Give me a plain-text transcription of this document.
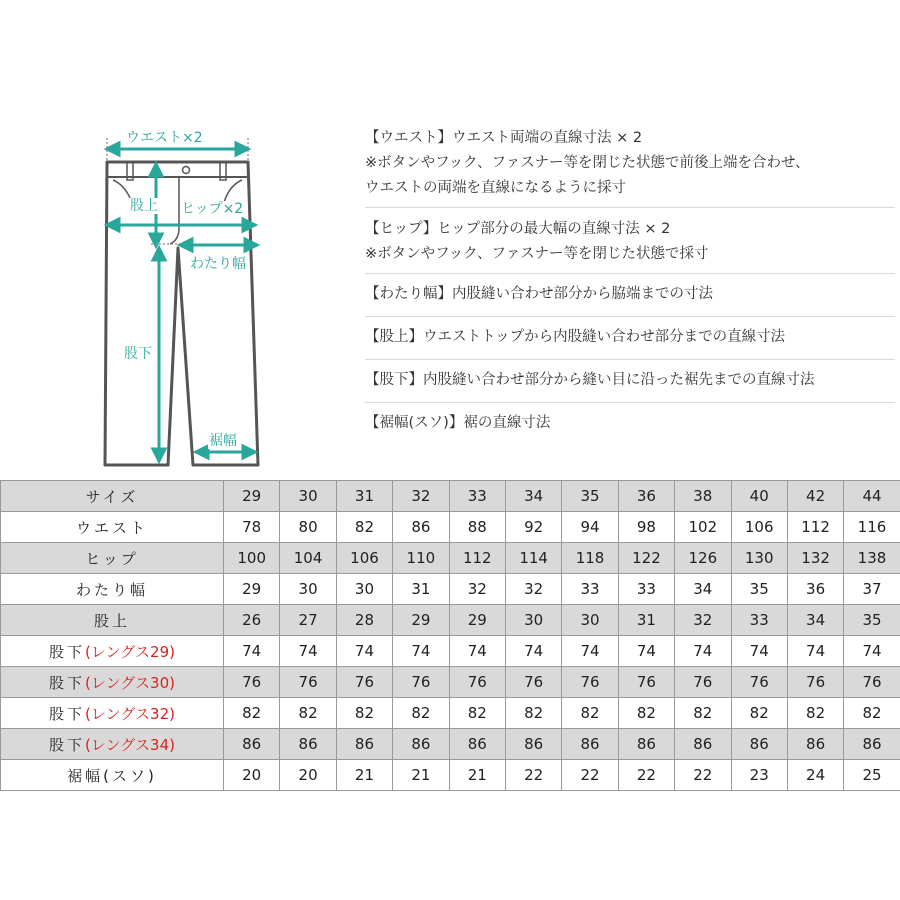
ウエスト×2
股上 ヒップ×2
わたり幅
股下
裾幅
【ウエスト】ウエスト両端の直線寸法 × 2
※ボタンやフック、ファスナー等を閉じた状態で前後上端を合わせ、
ウエストの両端を直線になるように採寸
【ヒップ】ヒップ部分の最大幅の直線寸法 × 2
※ボタンやフック、ファスナー等を閉じた状態で採寸
【わたり幅】内股縫い合わせ部分から脇端までの寸法
【股上】ウエストトップから内股縫い合わせ部分までの直線寸法
【股下】内股縫い合わせ部分から縫い目に沿った裾先までの直線寸法
【裾幅(スソ)】裾の直線寸法
サイズ	29	30	31	32	33	34	35	36	38	40	42	44
ウエスト	78	80	82	86	88	92	94	98	102	106	112	116
ヒップ	100	104	106	110	112	114	118	122	126	130	132	138
わたり幅	29	30	30	31	32	32	33	33	34	35	36	37
股上	26	27	28	29	29	30	30	31	32	33	34	35
股下(レングス29)	74	74	74	74	74	74	74	74	74	74	74	74
股下(レングス30)	76	76	76	76	76	76	76	76	76	76	76	76
股下(レングス32)	82	82	82	82	82	82	82	82	82	82	82	82
股下(レングス34)	86	86	86	86	86	86	86	86	86	86	86	86
裾幅(スソ)	20	20	21	21	21	22	22	22	22	23	24	25
